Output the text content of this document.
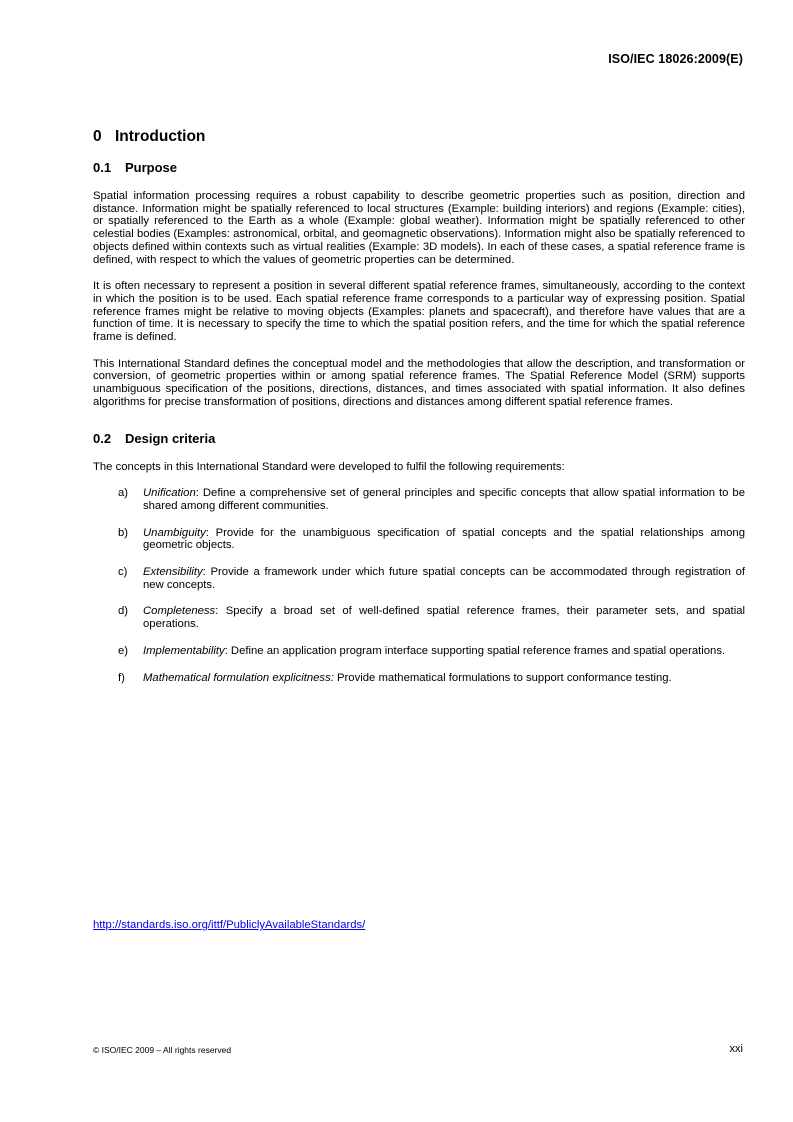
ISO/IEC 18026:2009(E)
0 Introduction
0.1 Purpose

Spatial information processing requires a robust capability to describe geometric properties such as position, direction and distance. Information might be spatially referenced to local structures (Example: building interiors) and regions (Example: cities), or spatially referenced to the Earth as a whole (Example: global weather). Information might be spatially referenced to other celestial bodies (Examples: astronomical, orbital, and geomagnetic observations). Information might also be spatially referenced to objects defined within contexts such as virtual realities (Example: 3D models). In each of these cases, a spatial reference frame is defined, with respect to which the values of geometric properties can be determined.

It is often necessary to represent a position in several different spatial reference frames, simultaneously, according to the context in which the position is to be used. Each spatial reference frame corresponds to a particular way of expressing position. Spatial reference frames might be relative to moving objects (Examples: planets and spacecraft), and therefore have values that are a function of time. It is necessary to specify the time to which the spatial position refers, and the time for which the spatial reference frame is defined.

This International Standard defines the conceptual model and the methodologies that allow the description, and transformation or conversion, of geometric properties within or among spatial reference frames. The Spatial Reference Model (SRM) supports unambiguous specification of the positions, directions, distances, and times associated with spatial information. It also defines algorithms for precise transformation of positions, directions and distances among different spatial reference frames.

0.2 Design criteria

The concepts in this International Standard were developed to fulfil the following requirements:

a) Unification: Define a comprehensive set of general principles and specific concepts that allow spatial information to be shared among different communities.
b) Unambiguity: Provide for the unambiguous specification of spatial concepts and the spatial relationships among geometric objects.
c) Extensibility: Provide a framework under which future spatial concepts can be accommodated through registration of new concepts.
d) Completeness: Specify a broad set of well-defined spatial reference frames, their parameter sets, and spatial operations.
e) Implementability: Define an application program interface supporting spatial reference frames and spatial operations.
f) Mathematical formulation explicitness: Provide mathematical formulations to support conformance testing.
http://standards.iso.org/ittf/PubliclyAvailableStandards/
© ISO/IEC 2009 – All rights reserved	xxi
